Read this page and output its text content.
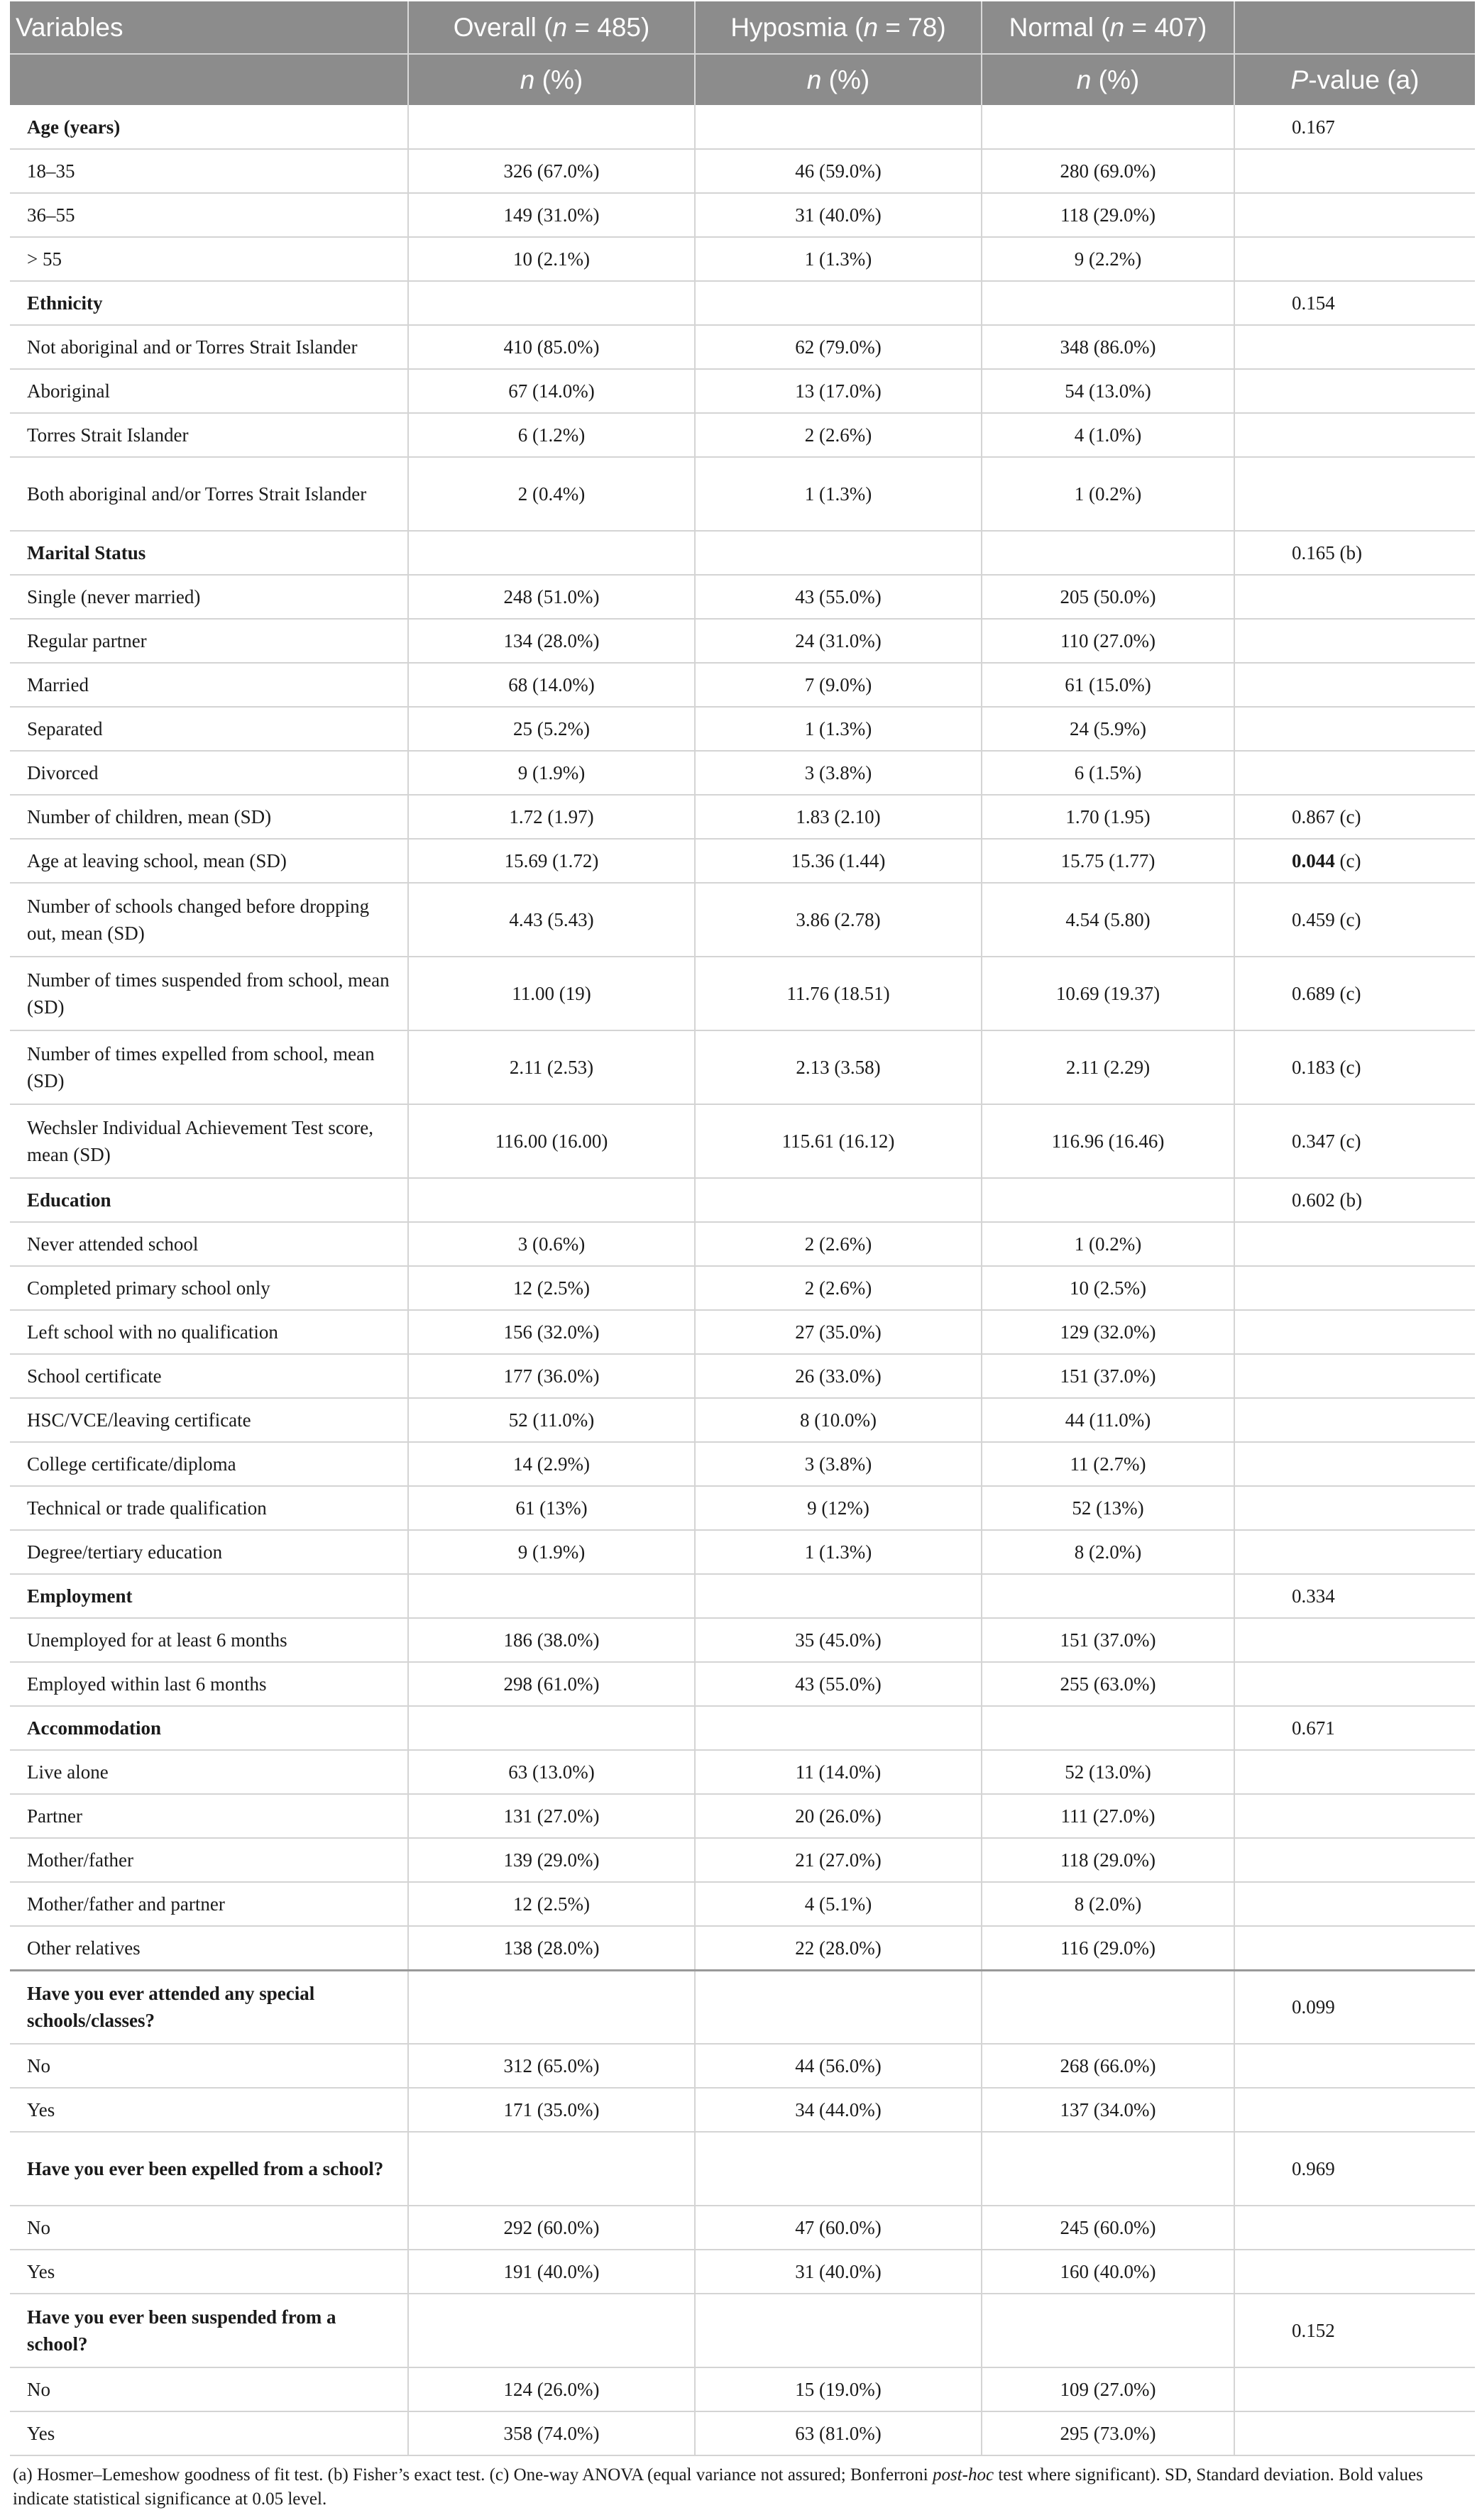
Variables	Overall (n = 485)	Hyposmia (n = 78)	Normal (n = 407)	
	n (%)	n (%)	n (%)	P-value (a)
Age (years)				0.167
18–35	326 (67.0%)	46 (59.0%)	280 (69.0%)	
36–55	149 (31.0%)	31 (40.0%)	118 (29.0%)	
> 55	10 (2.1%)	1 (1.3%)	9 (2.2%)	
Ethnicity				0.154
Not aboriginal and or Torres Strait Islander	410 (85.0%)	62 (79.0%)	348 (86.0%)	
Aboriginal	67 (14.0%)	13 (17.0%)	54 (13.0%)	
Torres Strait Islander	6 (1.2%)	2 (2.6%)	4 (1.0%)	
Both aboriginal and/or Torres Strait Islander	2 (0.4%)	1 (1.3%)	1 (0.2%)	
Marital Status				0.165 (b)
Single (never married)	248 (51.0%)	43 (55.0%)	205 (50.0%)	
Regular partner	134 (28.0%)	24 (31.0%)	110 (27.0%)	
Married	68 (14.0%)	7 (9.0%)	61 (15.0%)	
Separated	25 (5.2%)	1 (1.3%)	24 (5.9%)	
Divorced	9 (1.9%)	3 (3.8%)	6 (1.5%)	
Number of children, mean (SD)	1.72 (1.97)	1.83 (2.10)	1.70 (1.95)	0.867 (c)
Age at leaving school, mean (SD)	15.69 (1.72)	15.36 (1.44)	15.75 (1.77)	0.044 (c)
Number of schools changed before dropping out, mean (SD)	4.43 (5.43)	3.86 (2.78)	4.54 (5.80)	0.459 (c)
Number of times suspended from school, mean (SD)	11.00 (19)	11.76 (18.51)	10.69 (19.37)	0.689 (c)
Number of times expelled from school, mean (SD)	2.11 (2.53)	2.13 (3.58)	2.11 (2.29)	0.183 (c)
Wechsler Individual Achievement Test score, mean (SD)	116.00 (16.00)	115.61 (16.12)	116.96 (16.46)	0.347 (c)
Education				0.602 (b)
Never attended school	3 (0.6%)	2 (2.6%)	1 (0.2%)	
Completed primary school only	12 (2.5%)	2 (2.6%)	10 (2.5%)	
Left school with no qualification	156 (32.0%)	27 (35.0%)	129 (32.0%)	
School certificate	177 (36.0%)	26 (33.0%)	151 (37.0%)	
HSC/VCE/leaving certificate	52 (11.0%)	8 (10.0%)	44 (11.0%)	
College certificate/diploma	14 (2.9%)	3 (3.8%)	11 (2.7%)	
Technical or trade qualification	61 (13%)	9 (12%)	52 (13%)	
Degree/tertiary education	9 (1.9%)	1 (1.3%)	8 (2.0%)	
Employment				0.334
Unemployed for at least 6 months	186 (38.0%)	35 (45.0%)	151 (37.0%)	
Employed within last 6 months	298 (61.0%)	43 (55.0%)	255 (63.0%)	
Accommodation				0.671
Live alone	63 (13.0%)	11 (14.0%)	52 (13.0%)	
Partner	131 (27.0%)	20 (26.0%)	111 (27.0%)	
Mother/father	139 (29.0%)	21 (27.0%)	118 (29.0%)	
Mother/father and partner	12 (2.5%)	4 (5.1%)	8 (2.0%)	
Other relatives	138 (28.0%)	22 (28.0%)	116 (29.0%)	
Have you ever attended any special schools/classes?				0.099
No	312 (65.0%)	44 (56.0%)	268 (66.0%)	
Yes	171 (35.0%)	34 (44.0%)	137 (34.0%)	
Have you ever been expelled from a school?				0.969
No	292 (60.0%)	47 (60.0%)	245 (60.0%)	
Yes	191 (40.0%)	31 (40.0%)	160 (40.0%)	
Have you ever been suspended from a school?				0.152
No	124 (26.0%)	15 (19.0%)	109 (27.0%)	
Yes	358 (74.0%)	63 (81.0%)	295 (73.0%)	
(a) Hosmer–Lemeshow goodness of fit test. (b) Fisher’s exact test. (c) One-way ANOVA (equal variance not assured; Bonferroni post-hoc test where significant). SD, Standard deviation. Bold values indicate statistical significance at 0.05 level.
